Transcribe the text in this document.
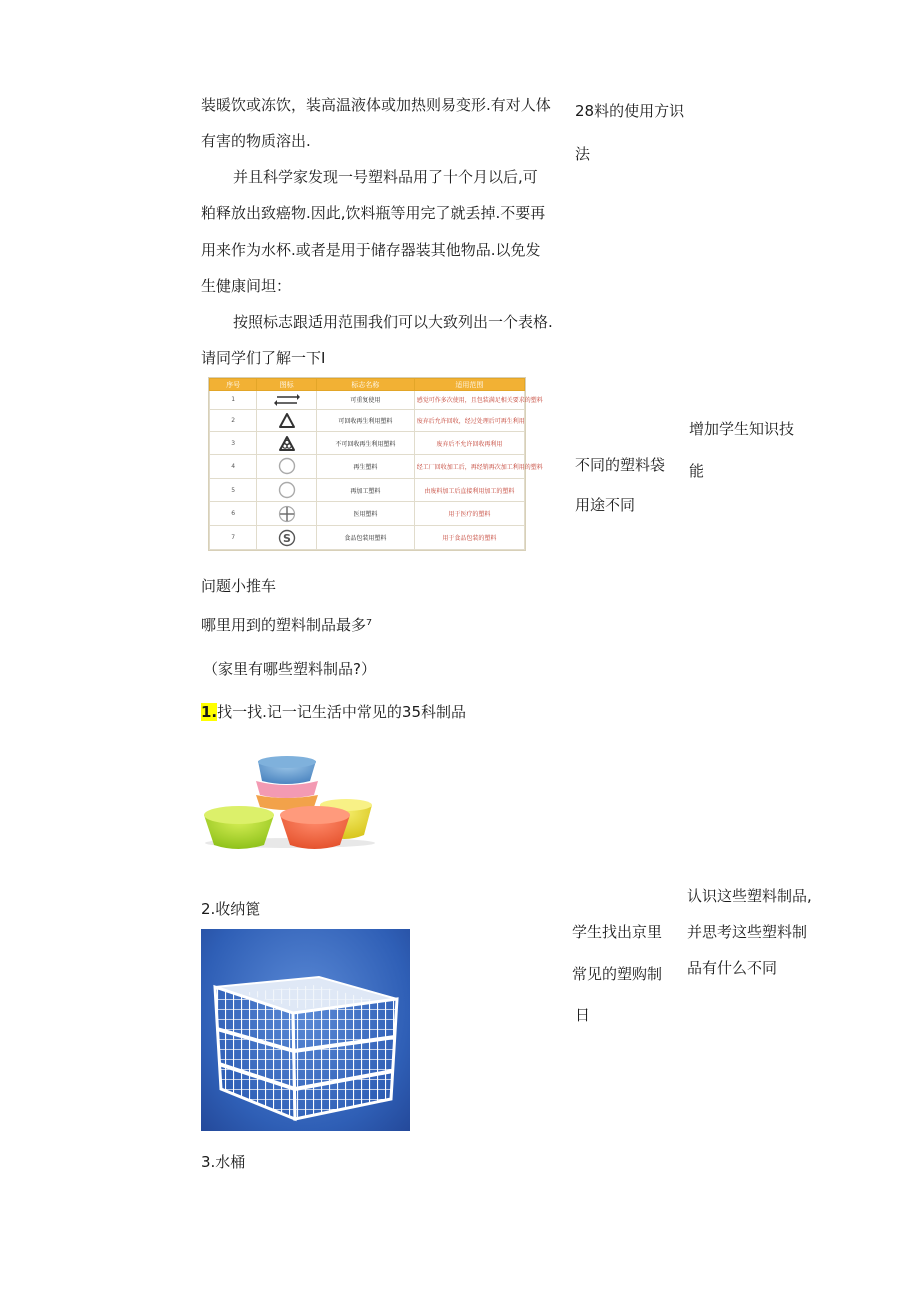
装暖饮或冻饮，装高温液体或加热则易变形.有对人体
有害的物质溶出.
并且科学家发现一号塑料品用了十个月以后,可
粕释放出致癌物.因此,饮料瓶等用完了就丢掉.不要再
用来作为水杯.或者是用于储存器装其他物品.以免发
生健康间坦：
按照标志跟适用范围我们可以大致列出一个表格.
请同学们了解一下I
序号	图标	标志名称	适用范围
1		可重复使用	感觉可作多次使用，且包装满足相关要求的塑料
2		可回收再生利用塑料	废弃后允许回收，经过处理后可再生利用
3		不可回收再生利用塑料	废弃后不允许回收再利用
4		再生塑料	经工厂回收加工后，再经销再次加工利用的塑料
5		再加工塑料	由废料加工后直接利用加工的塑料
6		医用塑料	用于医疗的塑料
7	S	食品包装用塑料	用于食品包装的塑料
问题小推车
哪里用到的塑料制品最多⁷
（家里有哪些塑料制品?）
1.找一找.记一记生活中常见的35科制品
2.收纳篦
3.水桶
28料的使用方识
法
不同的塑料袋
用途不同
学生找出京里
常见的塑购制
日
增加学生知识技
能
认识这些塑料制品,
并思考这些塑料制
品有什么不同
